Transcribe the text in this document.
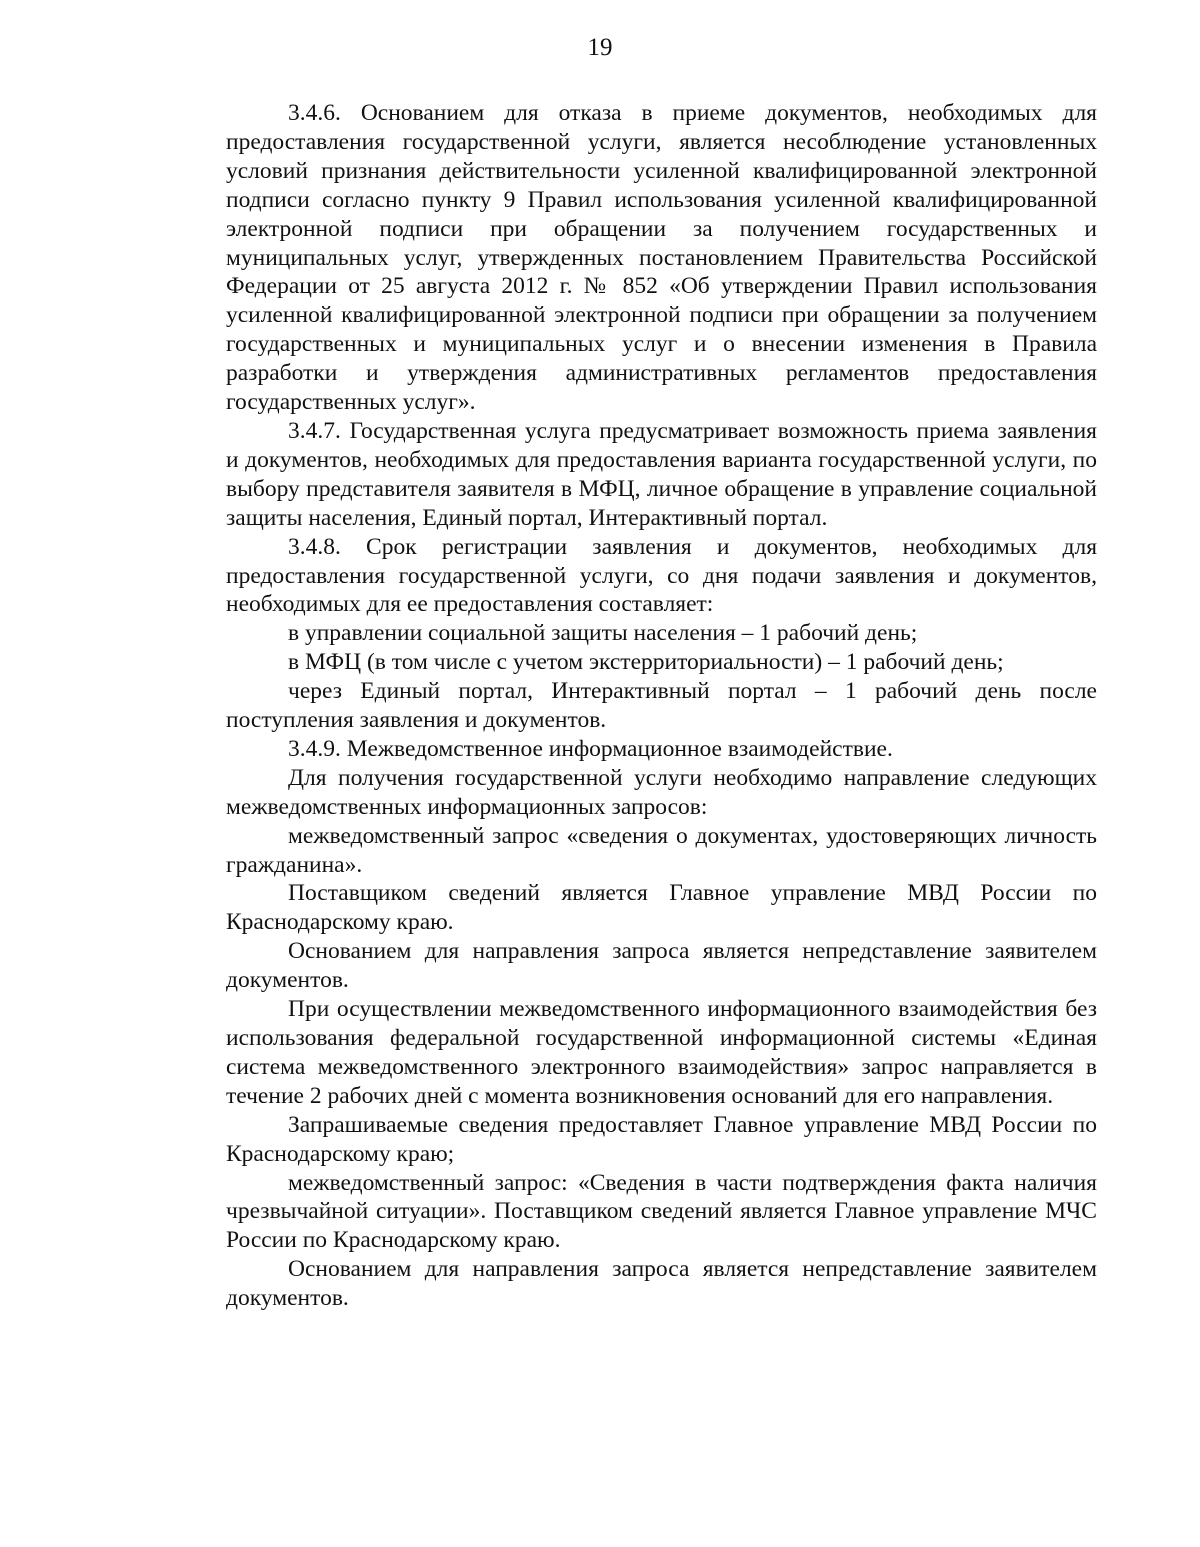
19

3.4.6. Основанием для отказа в приеме документов, необходимых для предоставления государственной услуги, является несоблюдение установленных условий признания действительности усиленной квалифицированной электронной подписи согласно пункту 9 Правил использования усиленной квалифицированной электронной подписи при обращении за получением государственных и муниципальных услуг, утвержденных постановлением Правительства Российской Федерации от 25 августа 2012 г. № 852 «Об утверждении Правил использования усиленной квалифицированной электронной подписи при обращении за получением государственных и муниципальных услуг и о внесении изменения в Правила разработки и утверждения административных регламентов предоставления государственных услуг».

3.4.7. Государственная услуга предусматривает возможность приема заявления и документов, необходимых для предоставления варианта государственной услуги, по выбору представителя заявителя в МФЦ, личное обращение в управление социальной защиты населения, Единый портал, Интерактивный портал.

3.4.8. Срок регистрации заявления и документов, необходимых для предоставления государственной услуги, со дня подачи заявления и документов, необходимых для ее предоставления составляет:

в управлении социальной защиты населения – 1 рабочий день;

в МФЦ (в том числе с учетом экстерриториальности) – 1 рабочий день;

через Единый портал, Интерактивный портал – 1 рабочий день после поступления заявления и документов.

3.4.9. Межведомственное информационное взаимодействие.

Для получения государственной услуги необходимо направление следующих межведомственных информационных запросов:

межведомственный запрос «сведения о документах, удостоверяющих личность гражданина».

Поставщиком сведений является Главное управление МВД России по Краснодарскому краю.

Основанием для направления запроса является непредставление заявителем документов.

При осуществлении межведомственного информационного взаимодействия без использования федеральной государственной информационной системы «Единая система межведомственного электронного взаимодействия» запрос направляется в течение 2 рабочих дней с момента возникновения оснований для его направления.

Запрашиваемые сведения предоставляет Главное управление МВД России по Краснодарскому краю;

межведомственный запрос: «Сведения в части подтверждения факта наличия чрезвычайной ситуации». Поставщиком сведений является Главное управление МЧС России по Краснодарскому краю.

Основанием для направления запроса является непредставление заявителем документов.
